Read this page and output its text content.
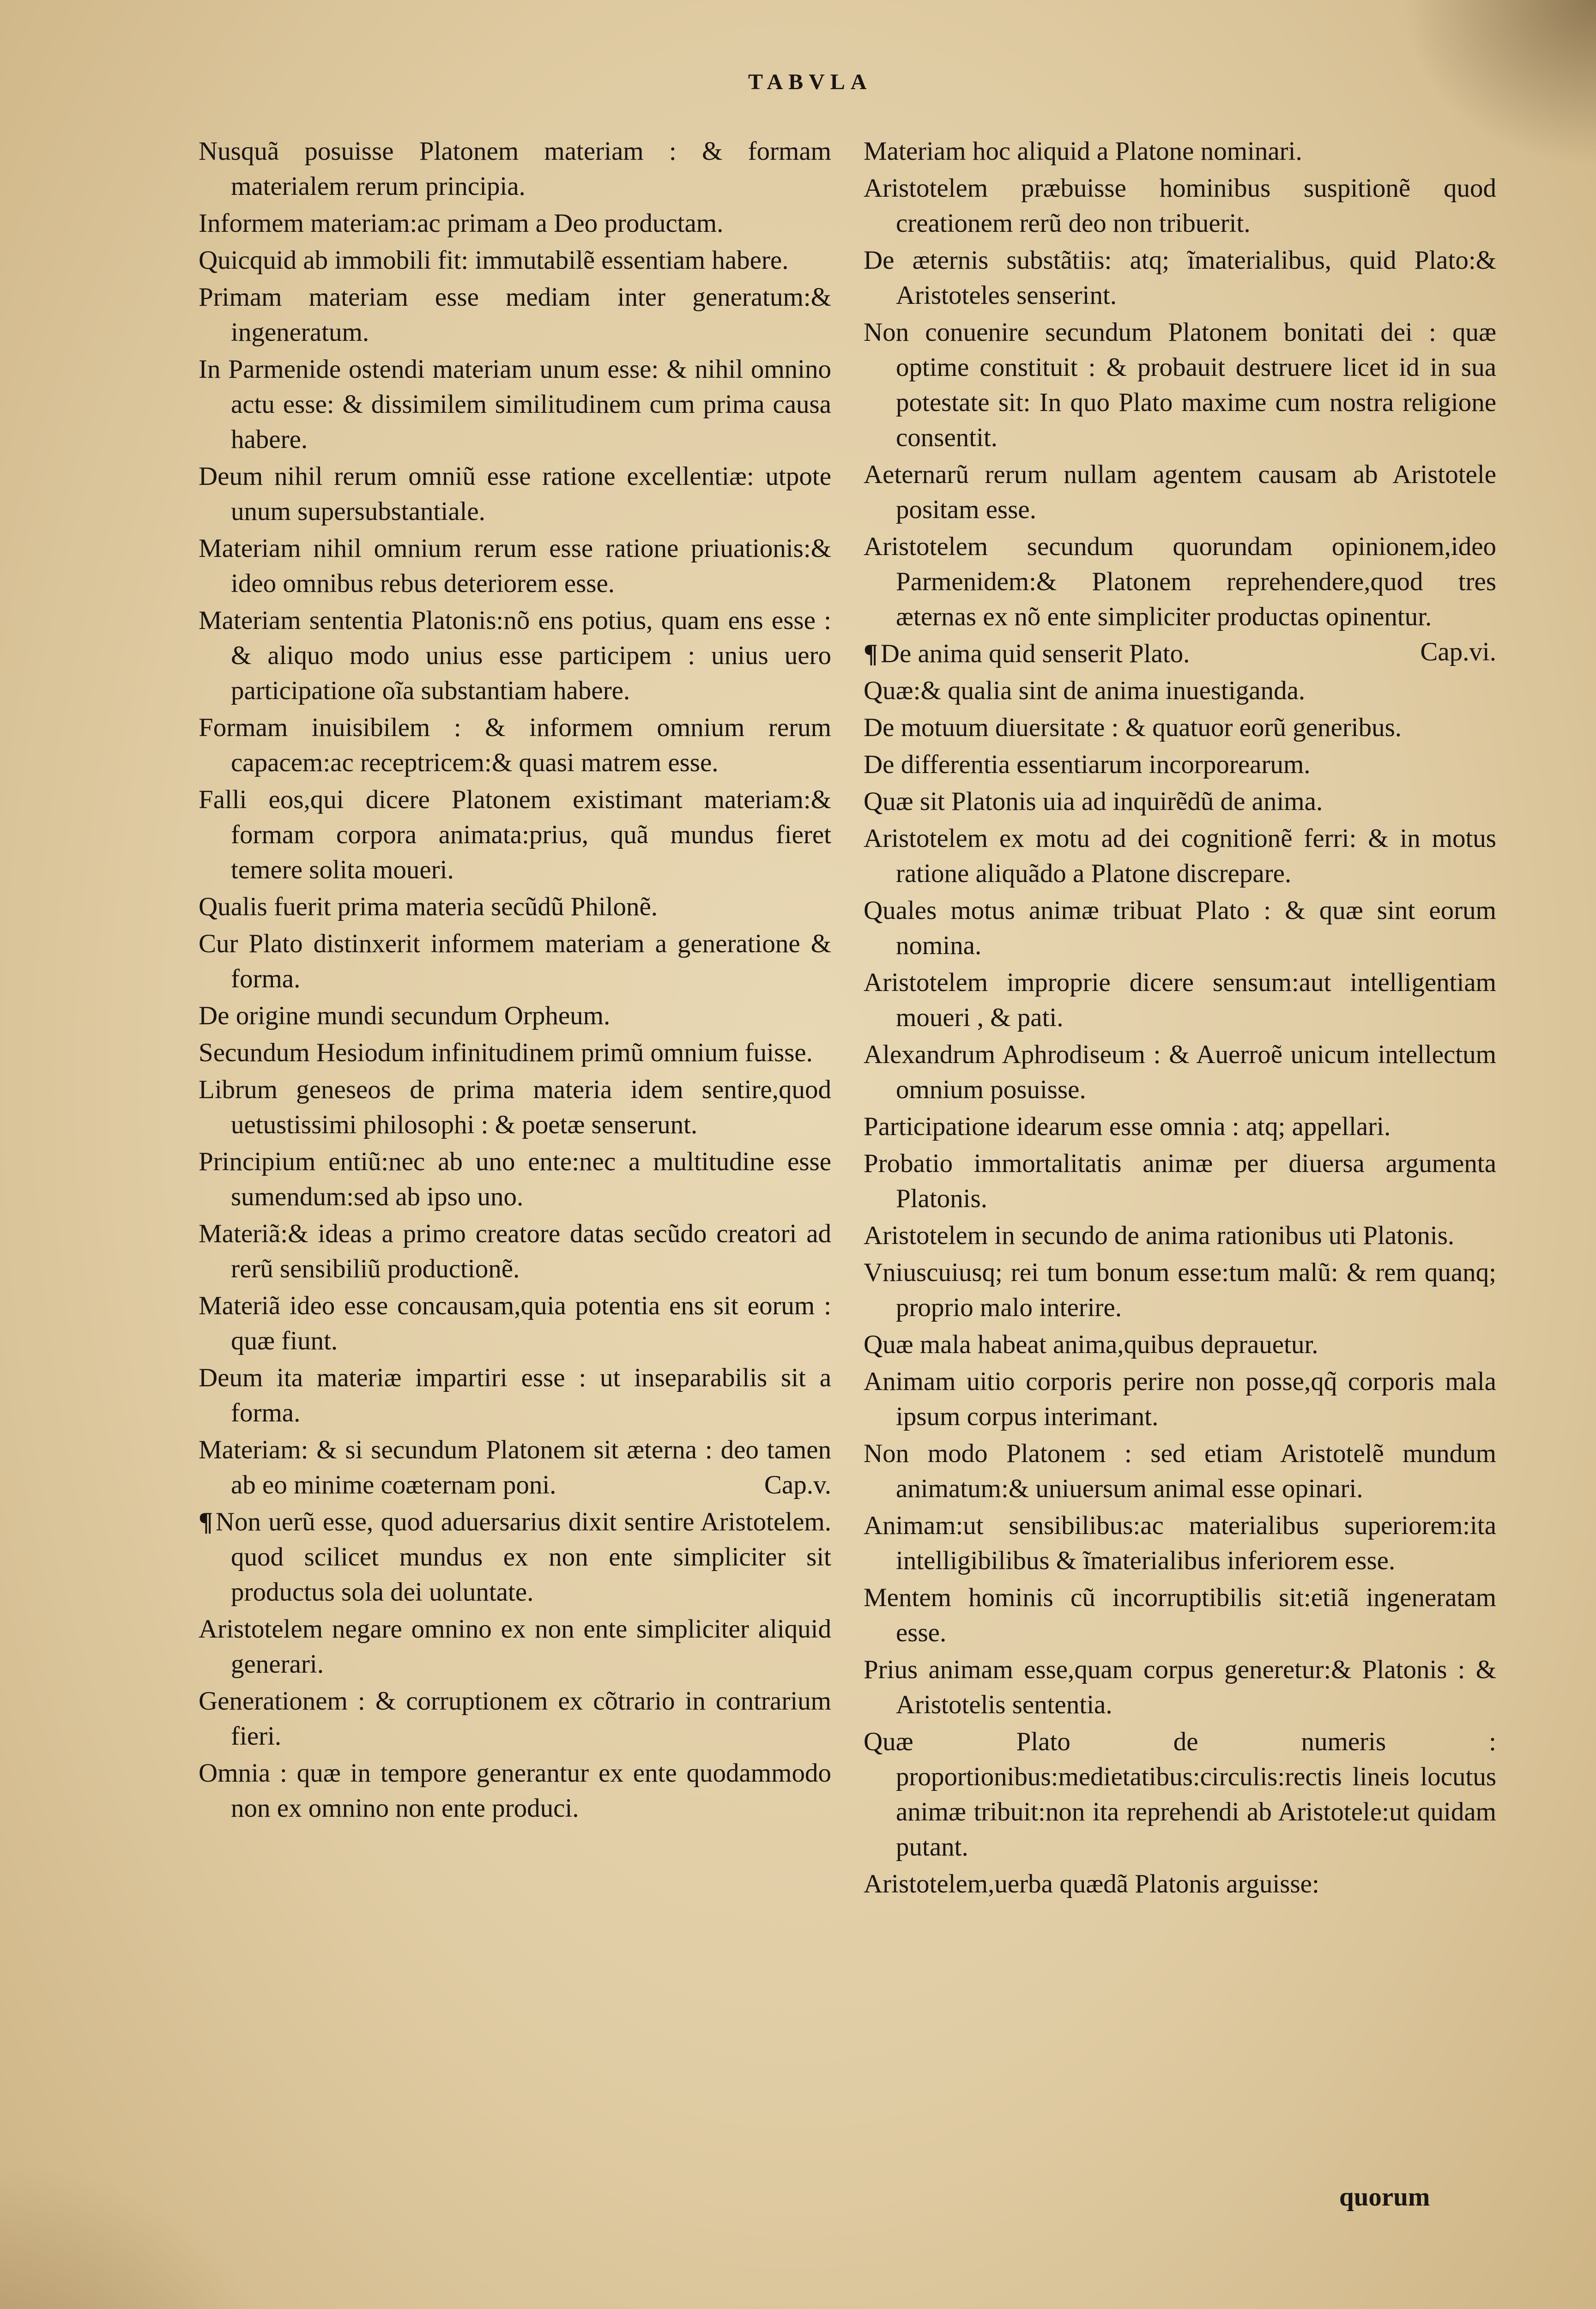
TABVLA
Nusquã posuisse Platonem materiam : & formam materialem rerum principia.
Informem materiam:ac primam a Deo productam.
Quicquid ab immobili fit: immutabilẽ essentiam habere.
Primam materiam esse mediam inter generatum:& ingeneratum.
In Parmenide ostendi materiam unum esse: & nihil omnino actu esse: & dissimilem similitudinem cum prima causa habere.
Deum nihil rerum omniũ esse ratione excellentiæ: utpote unum supersubstantiale.
Materiam nihil omnium rerum esse ratione priuationis:& ideo omnibus rebus deteriorem esse.
Materiam sententia Platonis:nõ ens potius, quam ens esse : & aliquo modo unius esse participem : unius uero participatione oĩa substantiam habere.
Formam inuisibilem : & informem omnium rerum capacem:ac receptricem:& quasi matrem esse.
Falli eos,qui dicere Platonem existimant materiam:& formam corpora animata:prius, quã mundus fieret temere solita moueri.
Qualis fuerit prima materia secũdũ Philonẽ.
Cur Plato distinxerit informem materiam a generatione & forma.
De origine mundi secundum Orpheum.
Secundum Hesiodum infinitudinem primũ omnium fuisse.
Librum geneseos de prima materia idem sentire,quod uetustissimi philosophi : & poetæ senserunt.
Principium entiũ:nec ab uno ente:nec a multitudine esse sumendum:sed ab ipso uno.
Materiã:& ideas a primo creatore datas secũdo creatori ad rerũ sensibiliũ productionẽ.
Materiã ideo esse concausam,quia potentia ens sit eorum : quæ fiunt.
Deum ita materiæ impartiri esse : ut inseparabilis sit a forma.
Materiam: & si secundum Platonem sit æterna : deo tamen ab eo minime coæternam poni.	Cap.v.
¶ Non uerũ esse, quod aduersarius dixit sentire Aristotelem. quod scilicet mundus ex non ente simpliciter sit productus sola dei uoluntate.
Aristotelem negare omnino ex non ente simpliciter aliquid generari.
Generationem : & corruptionem ex cõtrario in contrarium fieri.
Omnia : quæ in tempore generantur ex ente quodammodo non ex omnino non ente produci.
Materiam hoc aliquid a Platone nominari.
Aristotelem præbuisse hominibus suspitionẽ quod creationem rerũ deo non tribuerit.
De æternis substãtiis: atq; ĩmaterialibus, quid Plato:& Aristoteles senserint.
Non conuenire secundum Platonem bonitati dei : quæ optime constituit : & probauit destruere licet id in sua potestate sit: In quo Plato maxime cum nostra religione consentit.
Aeternarũ rerum nullam agentem causam ab Aristotele positam esse.
Aristotelem secundum quorundam opinionem,ideo Parmenidem:& Platonem reprehendere,quod tres æternas ex nõ ente simpliciter productas opinentur.
Cap.vi.
¶ De anima quid senserit Plato.
Quæ:& qualia sint de anima inuestiganda.
De motuum diuersitate : & quatuor eorũ generibus.
De differentia essentiarum incorporearum.
Quæ sit Platonis uia ad inquirẽdũ de anima.
Aristotelem ex motu ad dei cognitionẽ ferri: & in motus ratione aliquãdo a Platone discrepare.
Quales motus animæ tribuat Plato : & quæ sint eorum nomina.
Aristotelem improprie dicere sensum:aut intelligentiam moueri , & pati.
Alexandrum Aphrodiseum : & Auerroẽ unicum intellectum omnium posuisse.
Participatione idearum esse omnia : atq; appellari.
Probatio immortalitatis animæ per diuersa argumenta Platonis.
Aristotelem in secundo de anima rationibus uti Platonis.
Vniuscuiusq; rei tum bonum esse:tum malũ: & rem quanq; proprio malo interire.
Quæ mala habeat anima,quibus deprauetur.
Animam uitio corporis perire non posse,qq̃ corporis mala ipsum corpus interimant.
Non modo Platonem : sed etiam Aristotelẽ mundum animatum:& uniuersum animal esse opinari.
Animam:ut sensibilibus:ac materialibus superiorem:ita intelligibilibus & ĩmaterialibus inferiorem esse.
Mentem hominis cũ incorruptibilis sit:etiã ingeneratam esse.
Prius animam esse,quam corpus generetur:& Platonis : & Aristotelis sententia.
Quæ Plato de numeris : proportionibus:medietatibus:circulis:rectis lineis locutus animæ tribuit:non ita reprehendi ab Aristotele:ut quidam putant.
Aristotelem,uerba quædã Platonis arguisse:
quorum
